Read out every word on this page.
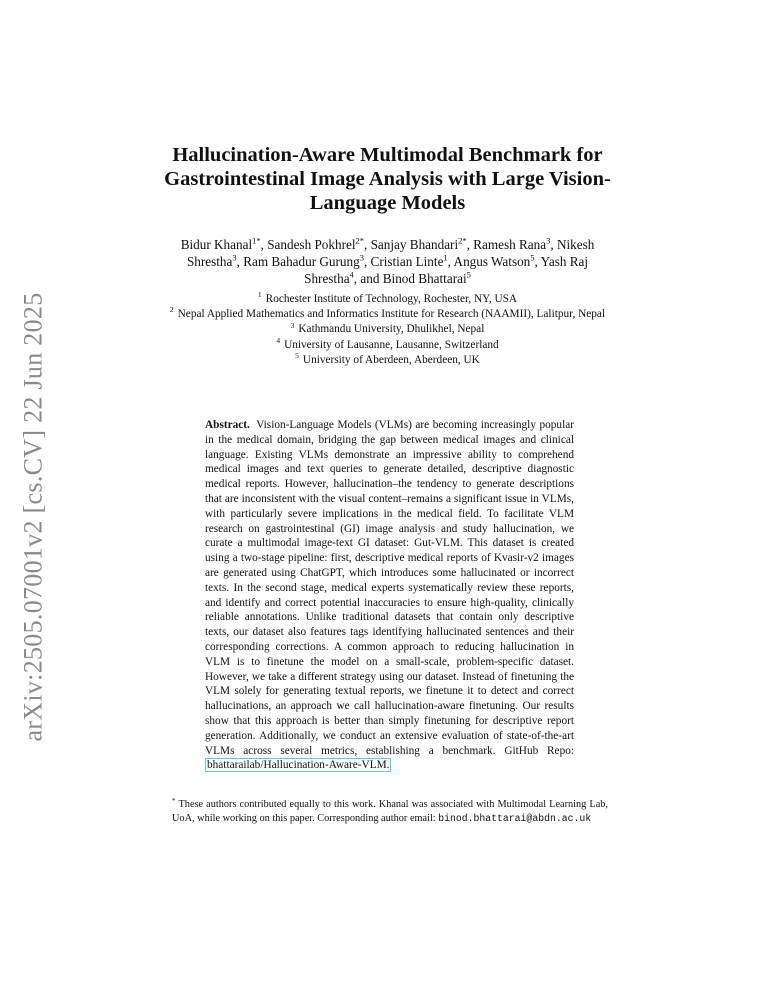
arXiv:2505.07001v2 [cs.CV] 22 Jun 2025
Hallucination-Aware Multimodal Benchmark for Gastrointestinal Image Analysis with Large Vision-Language Models
Bidur Khanal$^{1*}$, Sandesh Pokhrel$^{2*}$, Sanjay Bhandari$^{2*}$, Ramesh Rana$^3$, Nikesh Shrestha$^3$, Ram Bahadur Gurung$^3$, Cristian Linte$^1$, Angus Watson$^5$, Yash Raj Shrestha$^4$, and Binod Bhattarai$^5$
$^1$ Rochester Institute of Technology, Rochester, NY, USA
$^2$ Nepal Applied Mathematics and Informatics Institute for Research (NAAMII), Lalitpur, Nepal
$^3$ Kathmandu University, Dhulikhel, Nepal
$^4$ University of Lausanne, Lausanne, Switzerland
$^5$ University of Aberdeen, Aberdeen, UK
Abstract. Vision-Language Models (VLMs) are becoming increasingly popular in the medical domain, bridging the gap between medical images and clinical language. Existing VLMs demonstrate an impressive ability to comprehend medical images and text queries to generate detailed, descriptive diagnostic medical reports. However, hallucination–the tendency to generate descriptions that are inconsistent with the visual content–remains a significant issue in VLMs, with particularly severe implications in the medical field. To facilitate VLM research on gastrointestinal (GI) image analysis and study hallucination, we curate a multimodal image-text GI dataset: Gut-VLM. This dataset is created using a two-stage pipeline: first, descriptive medical reports of Kvasir-v2 images are generated using ChatGPT, which introduces some hallucinated or incorrect texts. In the second stage, medical experts systematically review these reports, and identify and correct potential inaccuracies to ensure high-quality, clinically reliable annotations. Unlike traditional datasets that contain only descriptive texts, our dataset also features tags identifying hallucinated sentences and their corresponding corrections. A common approach to reducing hallucination in VLM is to finetune the model on a small-scale, problem-specific dataset. However, we take a different strategy using our dataset. Instead of finetuning the VLM solely for generating textual reports, we finetune it to detect and correct hallucinations, an approach we call hallucination-aware finetuning. Our results show that this approach is better than simply finetuning for descriptive report generation. Additionally, we conduct an extensive evaluation of state-of-the-art VLMs across several metrics, establishing a benchmark. GitHub Repo: bhattarailab/Hallucination-Aware-VLM.
* These authors contributed equally to this work. Khanal was associated with Multimodal Learning Lab, UoA, while working on this paper. Corresponding author email: binod.bhattarai@abdn.ac.uk
